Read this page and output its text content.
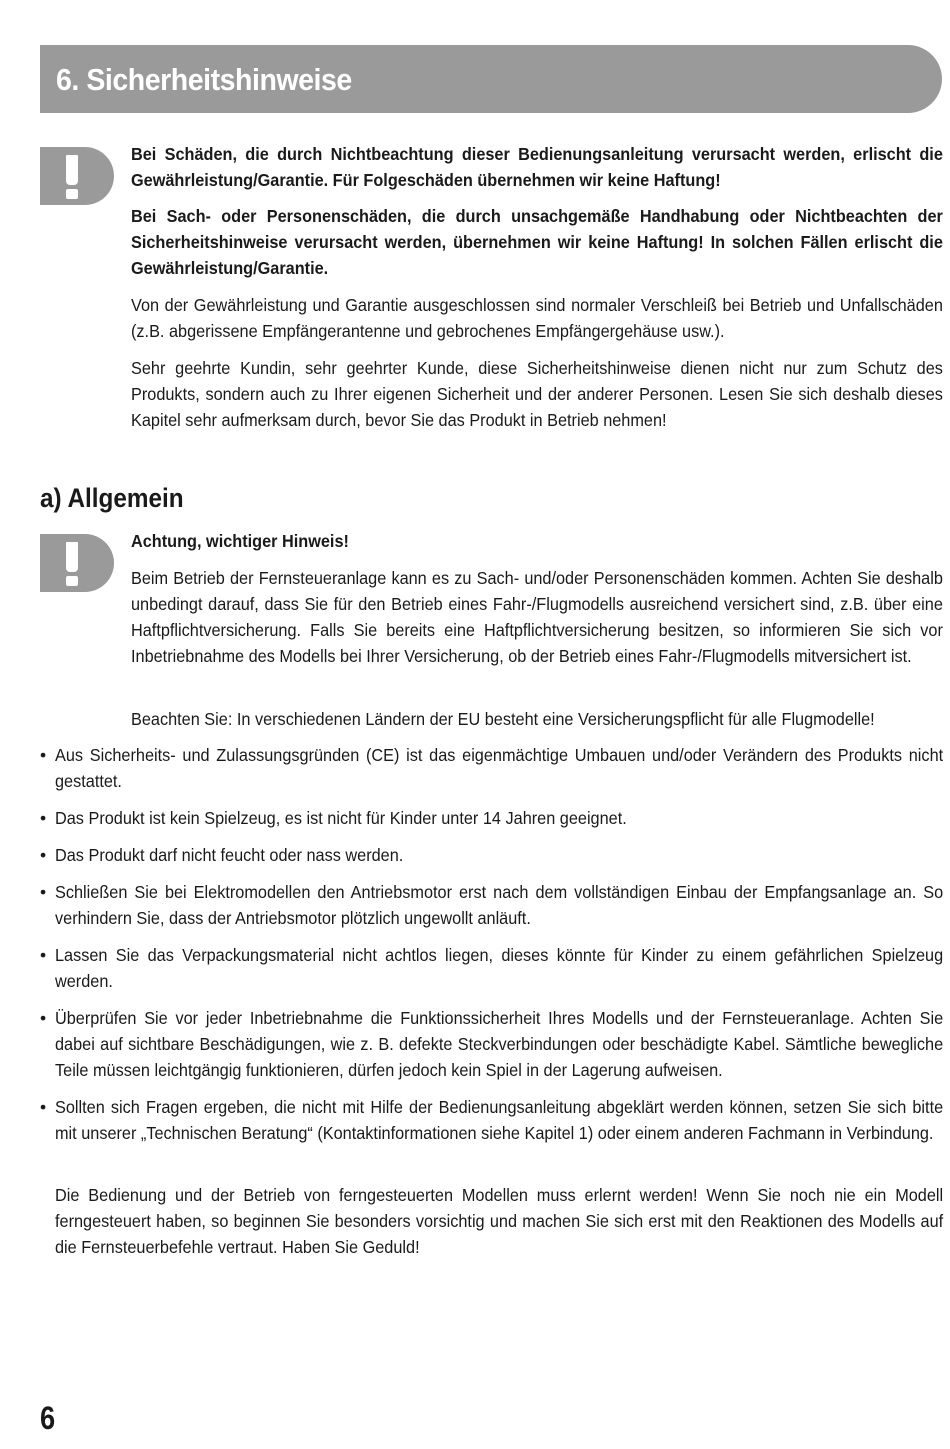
6. Sicherheitshinweise

Bei Schäden, die durch Nichtbeachtung dieser Bedienungsanleitung verursacht werden, erlischt die Gewährleistung/Garantie. Für Folgeschäden übernehmen wir keine Haftung!

Bei Sach- oder Personenschäden, die durch unsachgemäße Handhabung oder Nichtbeachten der Sicherheitshinweise verursacht werden, übernehmen wir keine Haftung! In solchen Fällen erlischt die Gewährleistung/Garantie.

Von der Gewährleistung und Garantie ausgeschlossen sind normaler Verschleiß bei Betrieb und Unfallschäden (z.B. abgerissene Empfängerantenne und gebrochenes Empfängergehäuse usw.).

Sehr geehrte Kundin, sehr geehrter Kunde, diese Sicherheitshinweise dienen nicht nur zum Schutz des Produkts, sondern auch zu Ihrer eigenen Sicherheit und der anderer Personen. Lesen Sie sich deshalb dieses Kapitel sehr aufmerksam durch, bevor Sie das Produkt in Betrieb nehmen!

a) Allgemein

Achtung, wichtiger Hinweis!

Beim Betrieb der Fernsteueranlage kann es zu Sach- und/oder Personenschäden kommen. Achten Sie deshalb unbedingt darauf, dass Sie für den Betrieb eines Fahr-/Flugmodells ausreichend versichert sind, z.B. über eine Haftpflichtversicherung. Falls Sie bereits eine Haftpflichtversicherung besitzen, so informieren Sie sich vor Inbetriebnahme des Modells bei Ihrer Versicherung, ob der Betrieb eines Fahr-/Flugmodells mitversichert ist.

Beachten Sie: In verschiedenen Ländern der EU besteht eine Versicherungspflicht für alle Flugmodelle!

• Aus Sicherheits- und Zulassungsgründen (CE) ist das eigenmächtige Umbauen und/oder Verändern des Produkts nicht gestattet.

• Das Produkt ist kein Spielzeug, es ist nicht für Kinder unter 14 Jahren geeignet.

• Das Produkt darf nicht feucht oder nass werden.

• Schließen Sie bei Elektromodellen den Antriebsmotor erst nach dem vollständigen Einbau der Empfangsanlage an. So verhindern Sie, dass der Antriebsmotor plötzlich ungewollt anläuft.

• Lassen Sie das Verpackungsmaterial nicht achtlos liegen, dieses könnte für Kinder zu einem gefährlichen Spielzeug werden.

• Überprüfen Sie vor jeder Inbetriebnahme die Funktionssicherheit Ihres Modells und der Fernsteueranlage. Achten Sie dabei auf sichtbare Beschädigungen, wie z. B. defekte Steckverbindungen oder beschädigte Kabel. Sämtliche bewegliche Teile müssen leichtgängig funktionieren, dürfen jedoch kein Spiel in der Lagerung aufweisen.

• Sollten sich Fragen ergeben, die nicht mit Hilfe der Bedienungsanleitung abgeklärt werden können, setzen Sie sich bitte mit unserer „Technischen Beratung“ (Kontaktinformationen siehe Kapitel 1) oder einem anderen Fachmann in Verbindung.

Die Bedienung und der Betrieb von ferngesteuerten Modellen muss erlernt werden! Wenn Sie noch nie ein Modell ferngesteuert haben, so beginnen Sie besonders vorsichtig und machen Sie sich erst mit den Reaktionen des Modells auf die Fernsteuerbefehle vertraut. Haben Sie Geduld!

6
